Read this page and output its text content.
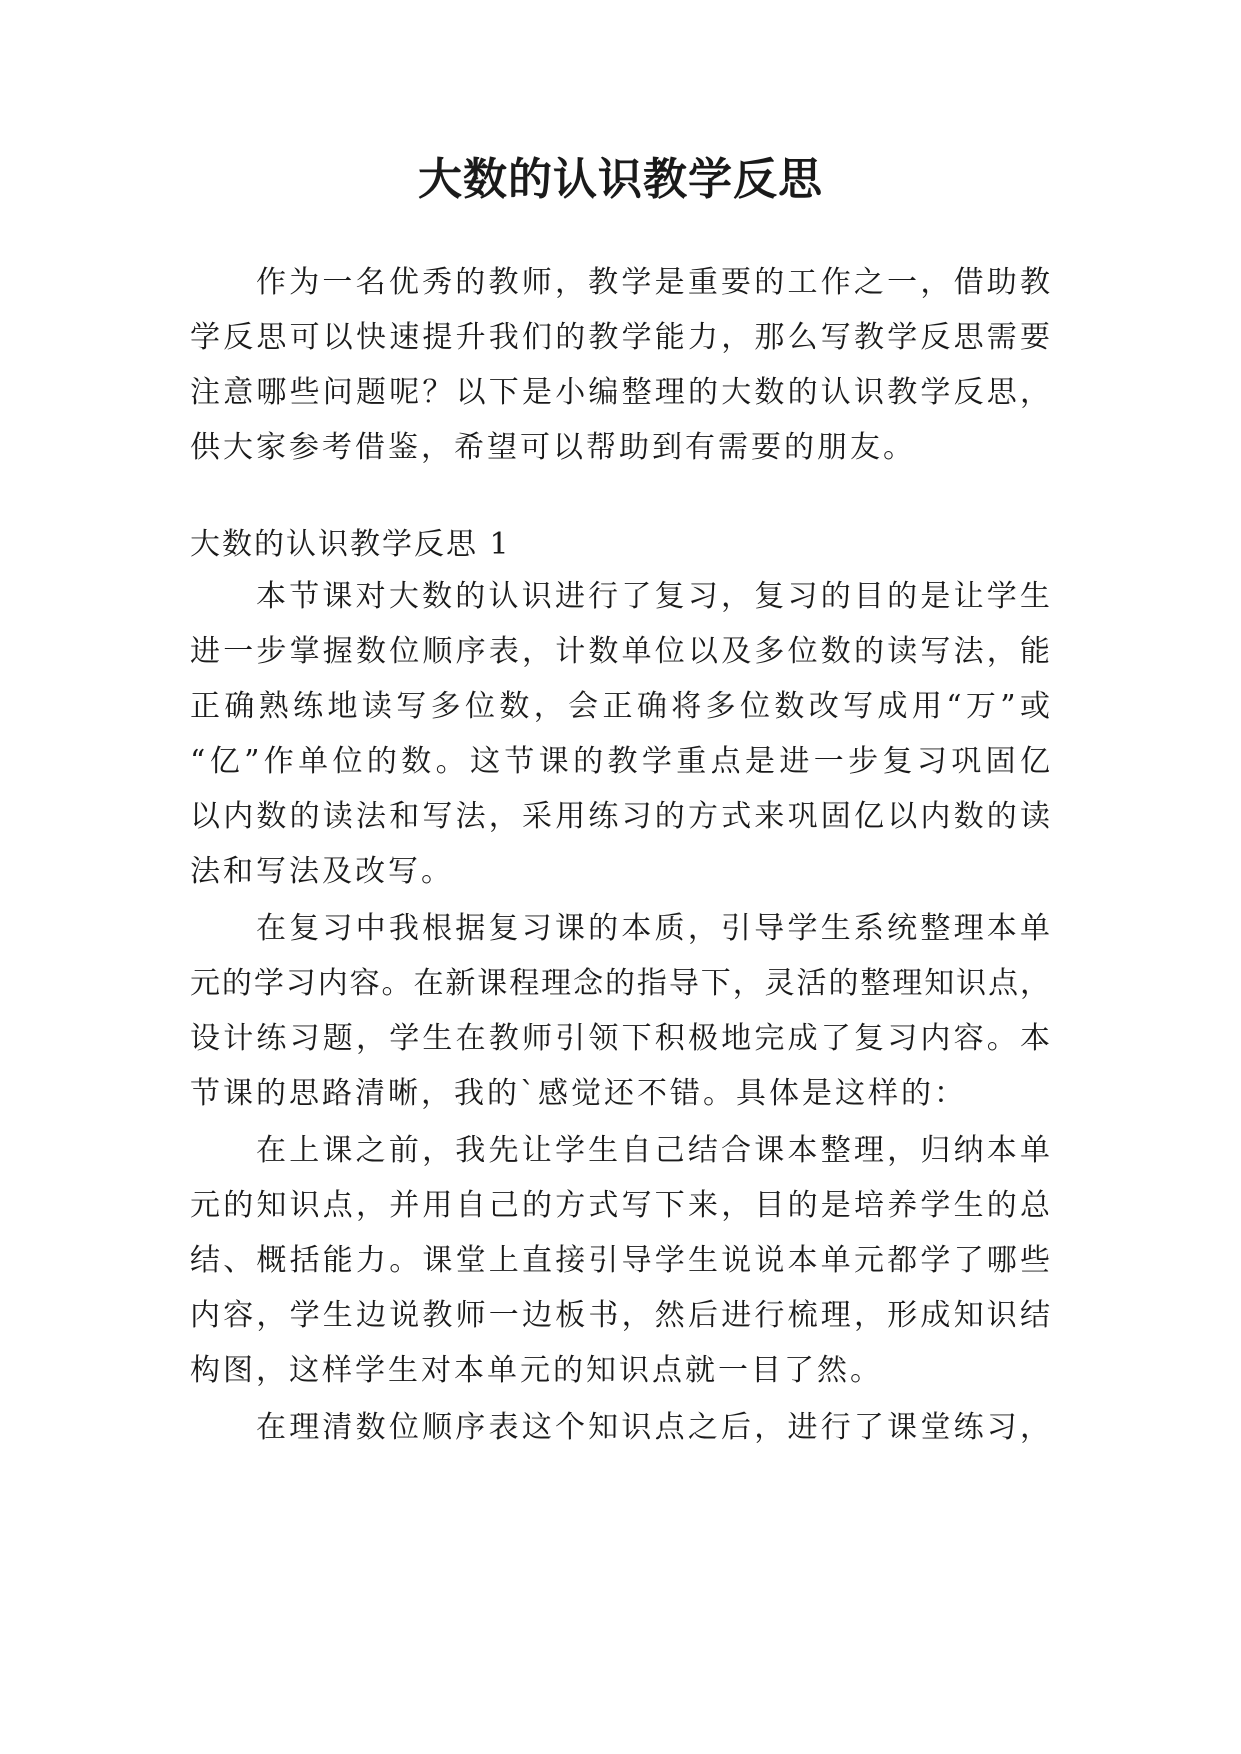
大数的认识教学反思
作为一名优秀的教师，教学是重要的工作之一，借助教
学反思可以快速提升我们的教学能力，那么写教学反思需要
注意哪些问题呢？以下是小编整理的大数的认识教学反思，
供大家参考借鉴，希望可以帮助到有需要的朋友。
大数的认识教学反思 1
本节课对大数的认识进行了复习，复习的目的是让学生
进一步掌握数位顺序表，计数单位以及多位数的读写法，能
正确熟练地读写多位数，会正确将多位数改写成用“万”或
“亿”作单位的数。这节课的教学重点是进一步复习巩固亿
以内数的读法和写法，采用练习的方式来巩固亿以内数的读
法和写法及改写。
在复习中我根据复习课的本质，引导学生系统整理本单
元的学习内容。在新课程理念的指导下，灵活的整理知识点，
设计练习题，学生在教师引领下积极地完成了复习内容。本
节课的思路清晰，我的`感觉还不错。具体是这样的：
在上课之前，我先让学生自己结合课本整理，归纳本单
元的知识点，并用自己的方式写下来，目的是培养学生的总
结、概括能力。课堂上直接引导学生说说本单元都学了哪些
内容，学生边说教师一边板书，然后进行梳理，形成知识结
构图，这样学生对本单元的知识点就一目了然。
在理清数位顺序表这个知识点之后，进行了课堂练习，
